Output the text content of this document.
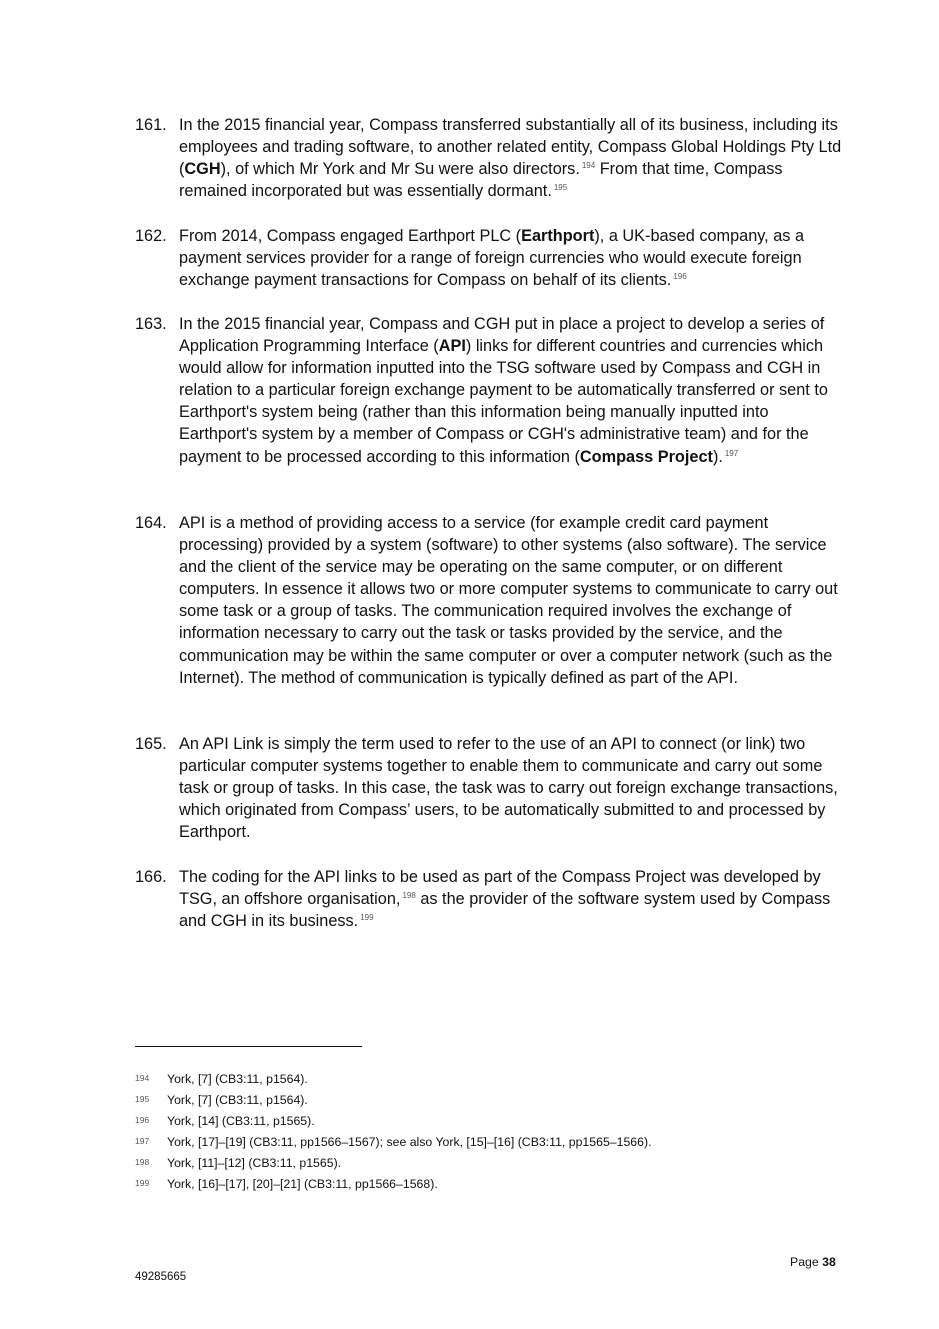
161. In the 2015 financial year, Compass transferred substantially all of its business, including its employees and trading software, to another related entity, Compass Global Holdings Pty Ltd (CGH), of which Mr York and Mr Su were also directors. $^{194}$ From that time, Compass remained incorporated but was essentially dormant. $^{195}$
162. From 2014, Compass engaged Earthport PLC (Earthport), a UK-based company, as a payment services provider for a range of foreign currencies who would execute foreign exchange payment transactions for Compass on behalf of its clients. $^{196}$
163. In the 2015 financial year, Compass and CGH put in place a project to develop a series of Application Programming Interface (API) links for different countries and currencies which would allow for information inputted into the TSG software used by Compass and CGH in relation to a particular foreign exchange payment to be automatically transferred or sent to Earthport's system being (rather than this information being manually inputted into Earthport's system by a member of Compass or CGH's administrative team) and for the payment to be processed according to this information (Compass Project). $^{197}$
164. API is a method of providing access to a service (for example credit card payment processing) provided by a system (software) to other systems (also software). The service and the client of the service may be operating on the same computer, or on different computers. In essence it allows two or more computer systems to communicate to carry out some task or a group of tasks. The communication required involves the exchange of information necessary to carry out the task or tasks provided by the service, and the communication may be within the same computer or over a computer network (such as the Internet). The method of communication is typically defined as part of the API.
165. An API Link is simply the term used to refer to the use of an API to connect (or link) two particular computer systems together to enable them to communicate and carry out some task or group of tasks. In this case, the task was to carry out foreign exchange transactions, which originated from Compass’ users, to be automatically submitted to and processed by Earthport.
166. The coding for the API links to be used as part of the Compass Project was developed by TSG, an offshore organisation, $^{198}$ as the provider of the software system used by Compass and CGH in its business. $^{199}$
194 York, [7] (CB3:11, p1564).
195 York, [7] (CB3:11, p1564).
196 York, [14] (CB3:11, p1565).
197 York, [17]–[19] (CB3:11, pp1566–1567); see also York, [15]–[16] (CB3:11, pp1565–1566).
198 York, [11]–[12] (CB3:11, p1565).
199 York, [16]–[17], [20]–[21] (CB3:11, pp1566–1568).
Page 38
49285665
